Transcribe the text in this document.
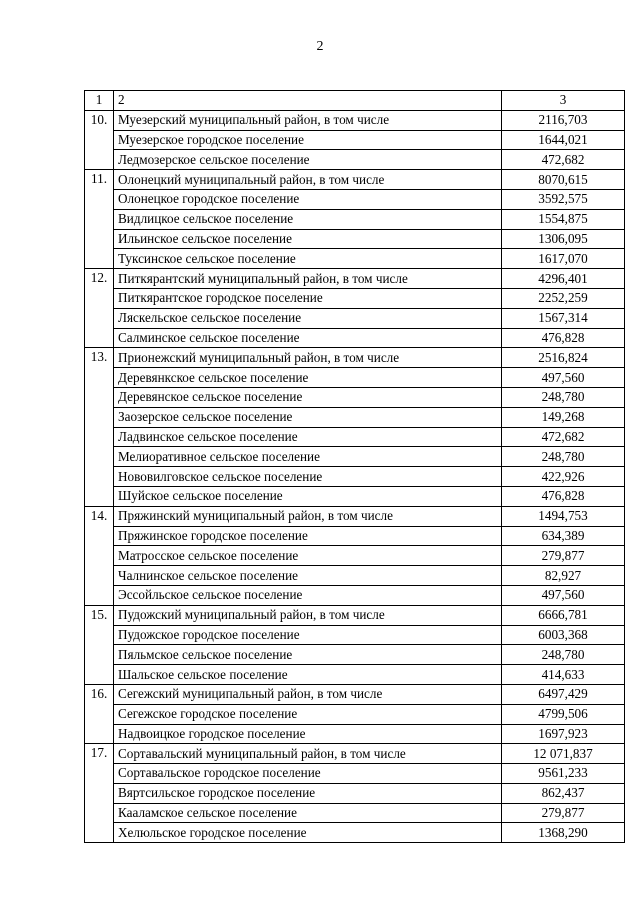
2
1	2	3
10.	Муезерский муниципальный район, в том числе	2116,703
	Муезерское городское поселение	1644,021
	Ледмозерское сельское поселение	472,682
11.	Олонецкий муниципальный район, в том числе	8070,615
	Олонецкое городское поселение	3592,575
	Видлицкое сельское поселение	1554,875
	Ильинское сельское поселение	1306,095
	Туксинское сельское поселение	1617,070
12.	Питкярантский муниципальный район, в том числе	4296,401
	Питкярантское городское поселение	2252,259
	Ляскельское сельское поселение	1567,314
	Салминское сельское поселение	476,828
13.	Прионежский муниципальный район, в том числе	2516,824
	Деревянкское сельское поселение	497,560
	Деревянское сельское поселение	248,780
	Заозерское сельское поселение	149,268
	Ладвинское сельское поселение	472,682
	Мелиоративное сельское поселение	248,780
	Нововилговское сельское поселение	422,926
	Шуйское сельское поселение	476,828
14.	Пряжинский муниципальный район, в том числе	1494,753
	Пряжинское городское поселение	634,389
	Матросское сельское поселение	279,877
	Чалнинское сельское поселение	82,927
	Эссойльское сельское поселение	497,560
15.	Пудожский муниципальный район, в том числе	6666,781
	Пудожское городское поселение	6003,368
	Пяльмское сельское поселение	248,780
	Шальское сельское поселение	414,633
16.	Сегежский муниципальный район, в том числе	6497,429
	Сегежское городское поселение	4799,506
	Надвоицкое городское поселение	1697,923
17.	Сортавальский муниципальный район, в том числе	12 071,837
	Сортавальское городское поселение	9561,233
	Вяртсильское городское поселение	862,437
	Кааламское сельское поселение	279,877
	Хелюльское городское поселение	1368,290
